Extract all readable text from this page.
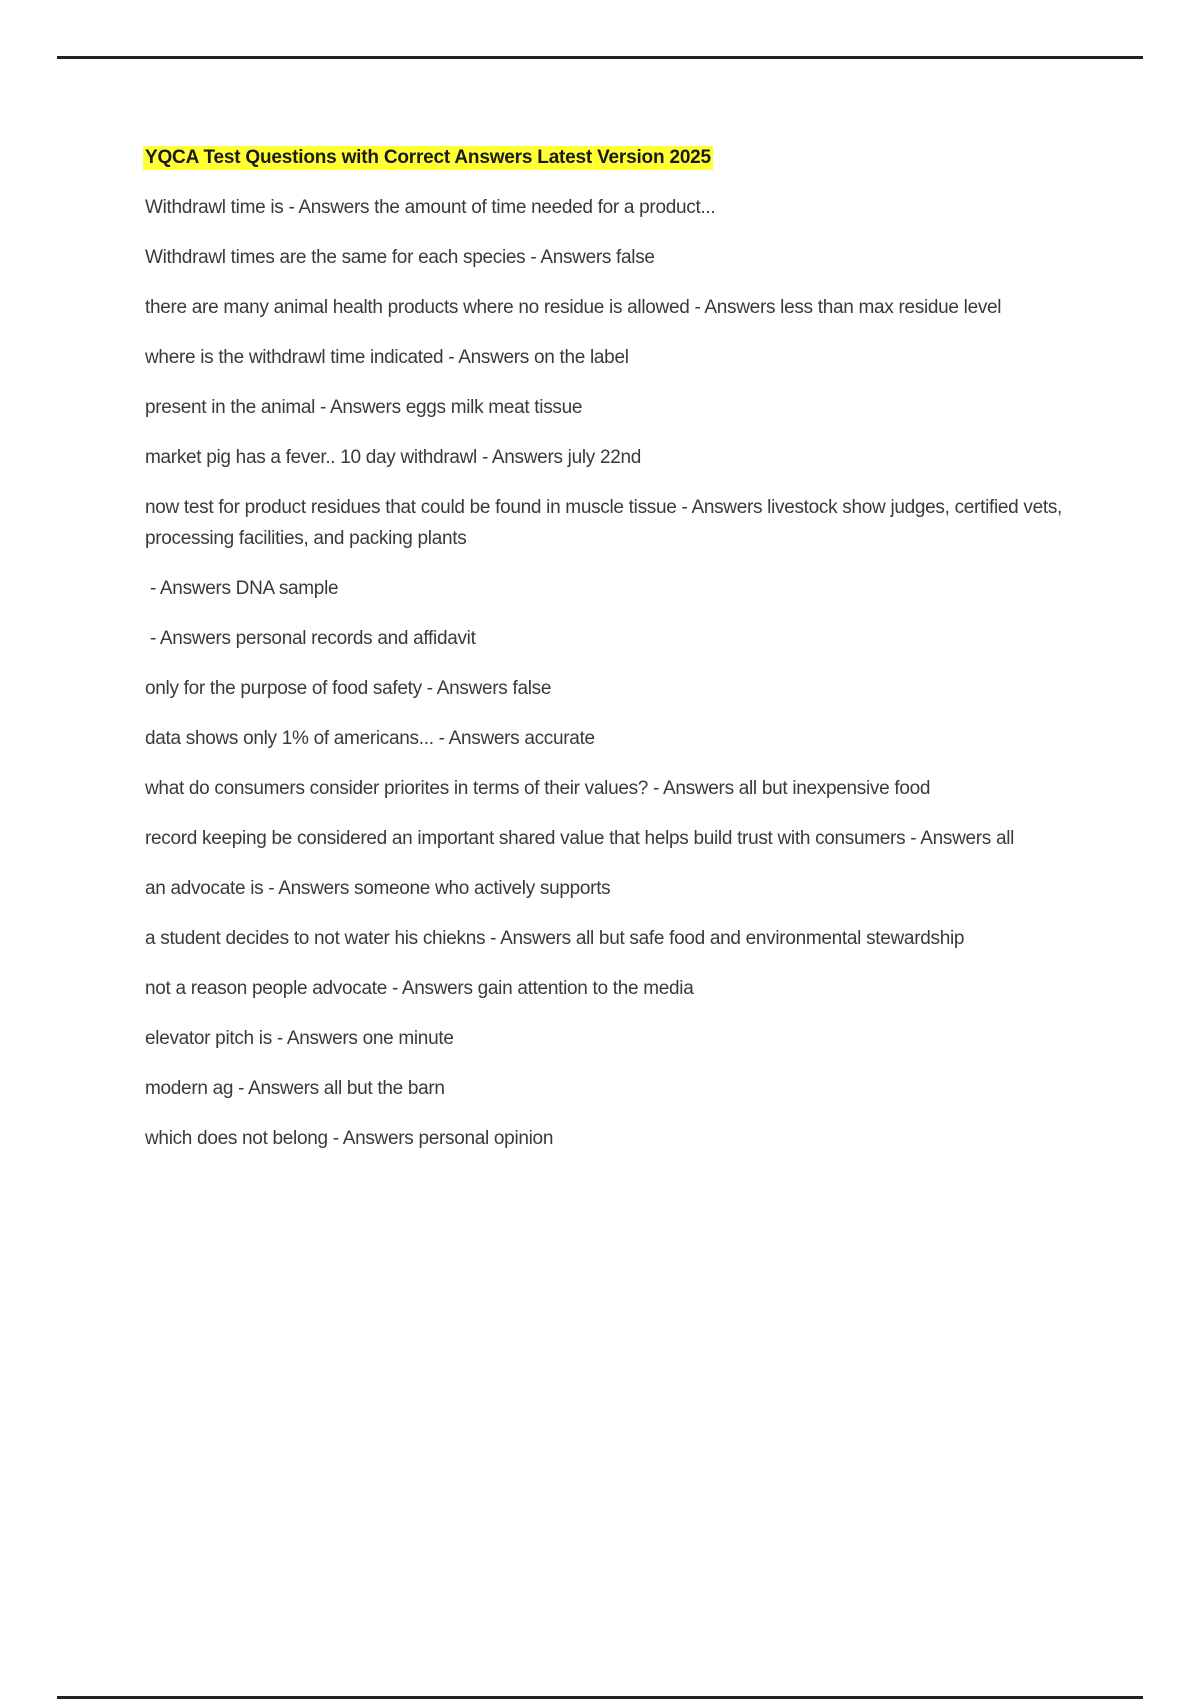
YQCA Test Questions with Correct Answers Latest Version 2025

Withdrawl time is - Answers the amount of time needed for a product...

Withdrawl times are the same for each species - Answers false

there are many animal health products where no residue is allowed - Answers less than max residue level

where is the withdrawl time indicated - Answers on the label

present in the animal - Answers eggs milk meat tissue

market pig has a fever.. 10 day withdrawl - Answers july 22nd

now test for product residues that could be found in muscle tissue - Answers livestock show judges, certified vets, processing facilities, and packing plants

- Answers DNA sample

- Answers personal records and affidavit

only for the purpose of food safety - Answers false

data shows only 1% of americans... - Answers accurate

what do consumers consider priorites in terms of their values? - Answers all but inexpensive food

record keeping be considered an important shared value that helps build trust with consumers - Answers all

an advocate is - Answers someone who actively supports

a student decides to not water his chiekns - Answers all but safe food and environmental stewardship

not a reason people advocate - Answers gain attention to the media

elevator pitch is - Answers one minute

modern ag - Answers all but the barn

which does not belong - Answers personal opinion
